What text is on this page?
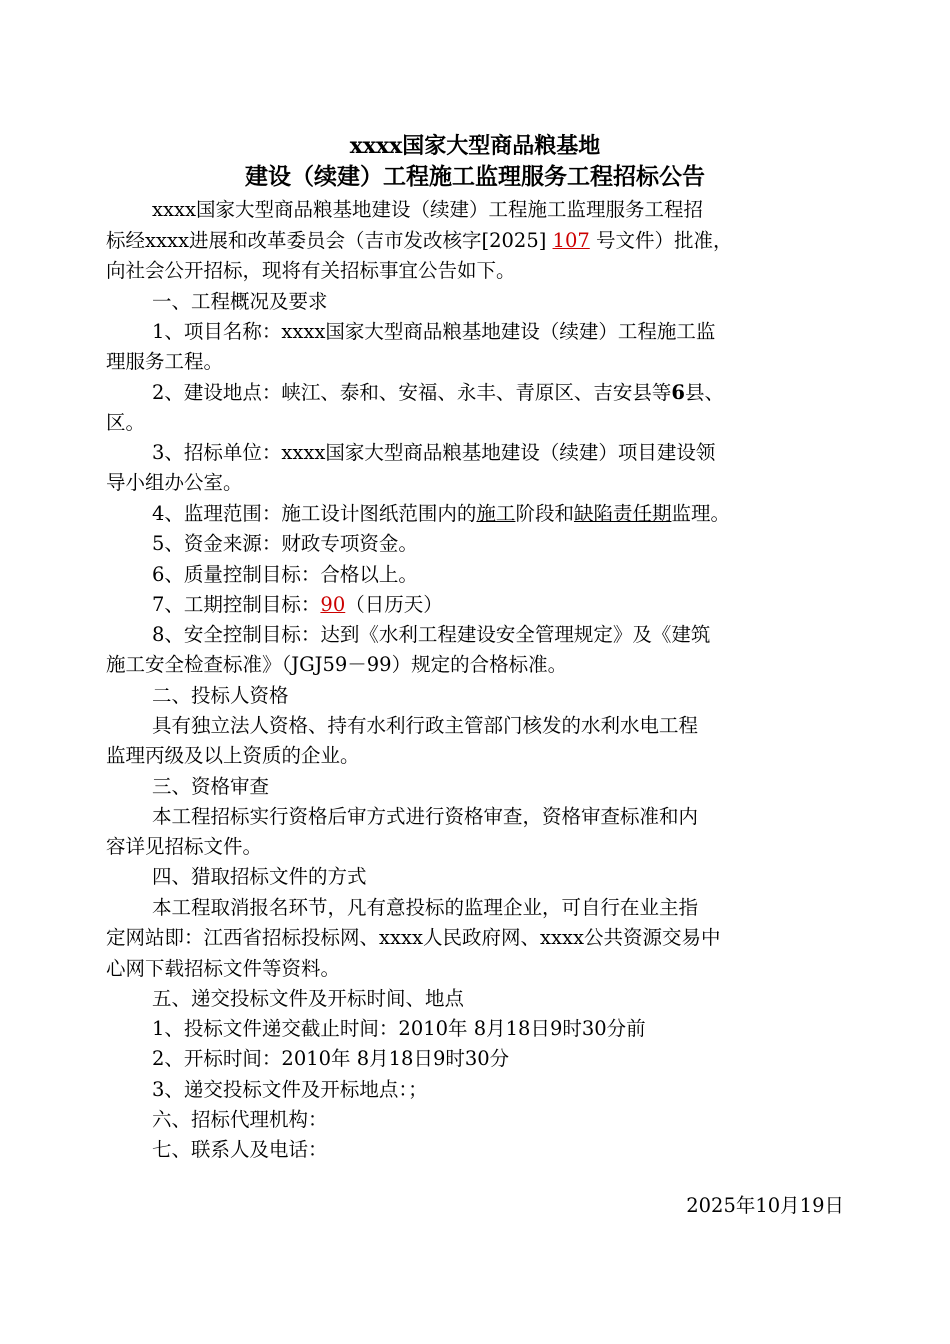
xxxx国家大型商品粮基地
建设（续建）工程施工监理服务工程招标公告
xxxx国家大型商品粮基地建设（续建）工程施工监理服务工程招
标经xxxx进展和改革委员会（吉市发改核字[2025] 107 号文件）批准，
向社会公开招标，现将有关招标事宜公告如下。
一、工程概况及要求
1、项目名称：xxxx国家大型商品粮基地建设（续建）工程施工监
理服务工程。
2、建设地点：峡江、泰和、安福、永丰、青原区、吉安县等6县、
区。
3、招标单位：xxxx国家大型商品粮基地建设（续建）项目建设领
导小组办公室。
4、监理范围：施工设计图纸范围内的施工阶段和缺陷责任期监理。
5、资金来源：财政专项资金。
6、质量控制目标：合格以上。
7、工期控制目标：90（日历天）
8、安全控制目标：达到《水利工程建设安全管理规定》及《建筑
施工安全检查标准》（JGJ59－99）规定的合格标准。
二、投标人资格
具有独立法人资格、持有水利行政主管部门核发的水利水电工程
监理丙级及以上资质的企业。
三、资格审查
本工程招标实行资格后审方式进行资格审查，资格审查标准和内
容详见招标文件。
四、猎取招标文件的方式
本工程取消报名环节，凡有意投标的监理企业，可自行在业主指
定网站即：江西省招标投标网、xxxx人民政府网、xxxx公共资源交易中
心网下载招标文件等资料。
五、递交投标文件及开标时间、地点
1、投标文件递交截止时间：2010年 8月18日9时30分前
2、开标时间：2010年 8月18日9时30分
3、递交投标文件及开标地点：；
六、招标代理机构：
七、联系人及电话：
2025年10月19日
